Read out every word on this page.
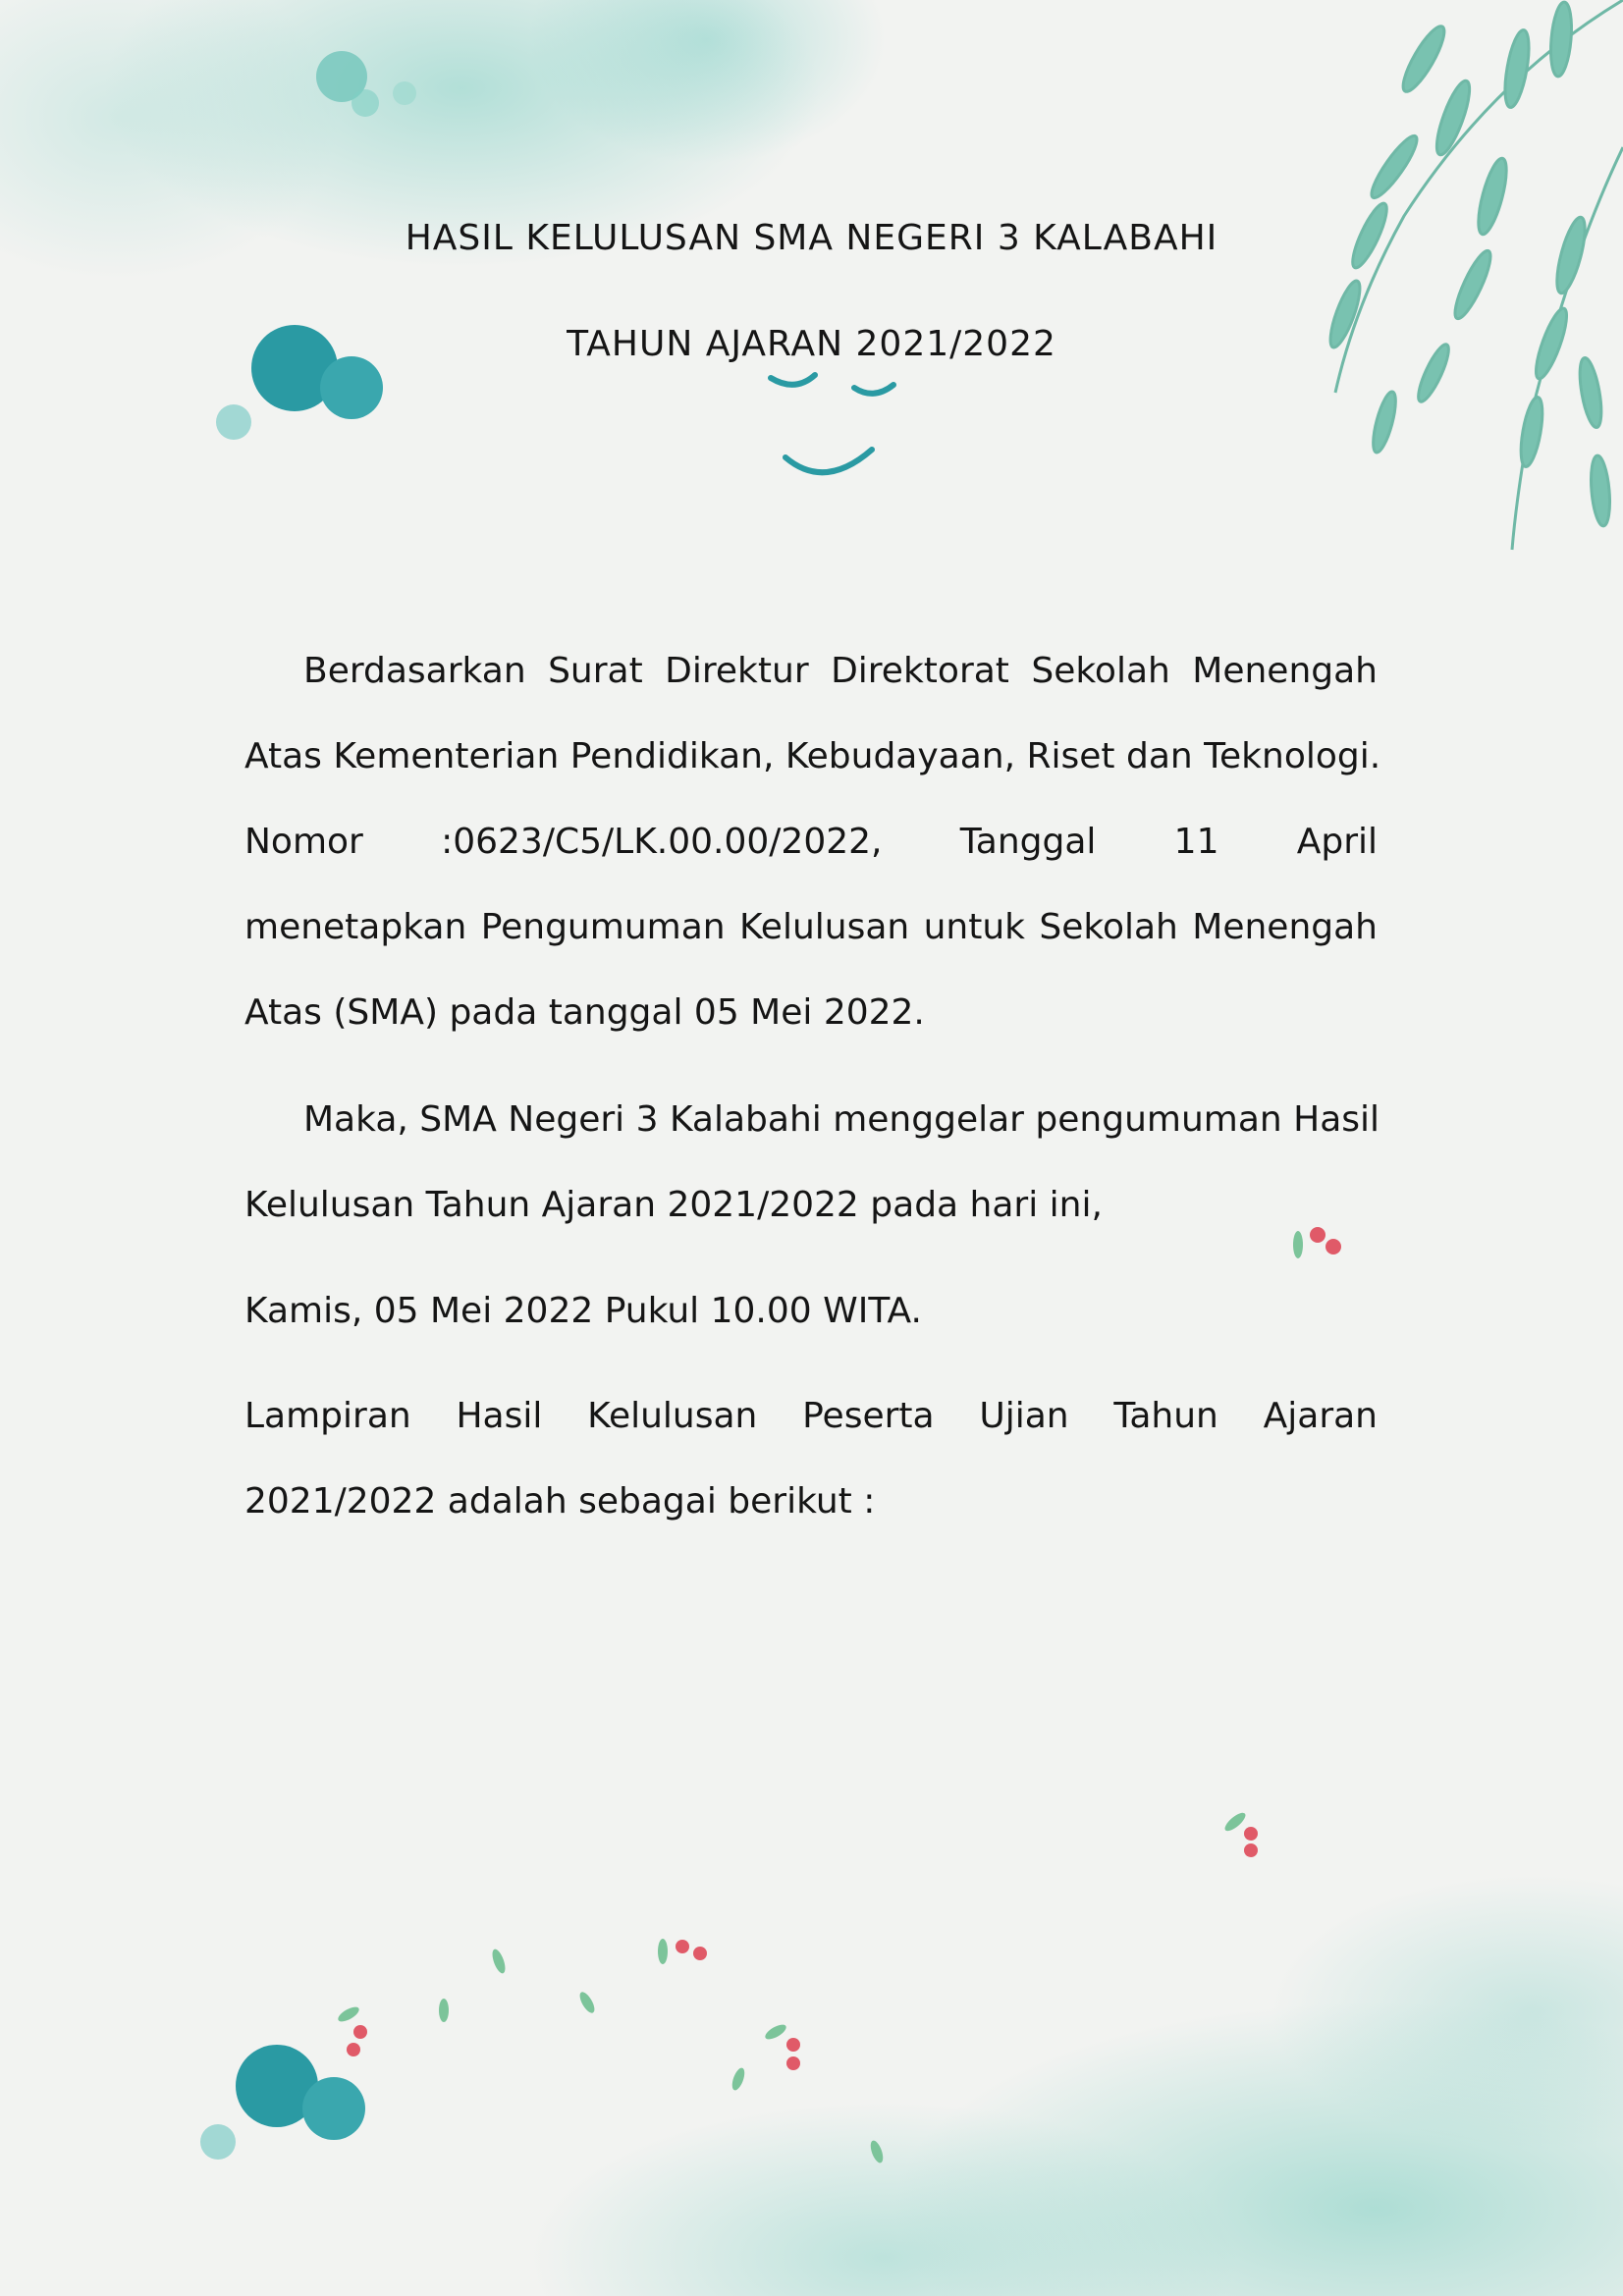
HASIL KELULUSAN SMA NEGERI 3 KALABAHI
TAHUN AJARAN 2021/2022
Berdasarkan Surat Direktur Direktorat Sekolah Menengah
Atas Kementerian Pendidikan, Kebudayaan, Riset dan Teknologi.
Nomor :0623/C5/LK.00.00/2022, Tanggal 11 April
menetapkan Pengumuman Kelulusan untuk Sekolah Menengah
Atas (SMA) pada tanggal 05 Mei 2022.
Maka, SMA Negeri 3 Kalabahi menggelar pengumuman Hasil
Kelulusan Tahun Ajaran 2021/2022 pada hari ini,
Kamis, 05 Mei 2022 Pukul 10.00 WITA.
Lampiran Hasil Kelulusan Peserta Ujian Tahun Ajaran
2021/2022 adalah sebagai berikut :
